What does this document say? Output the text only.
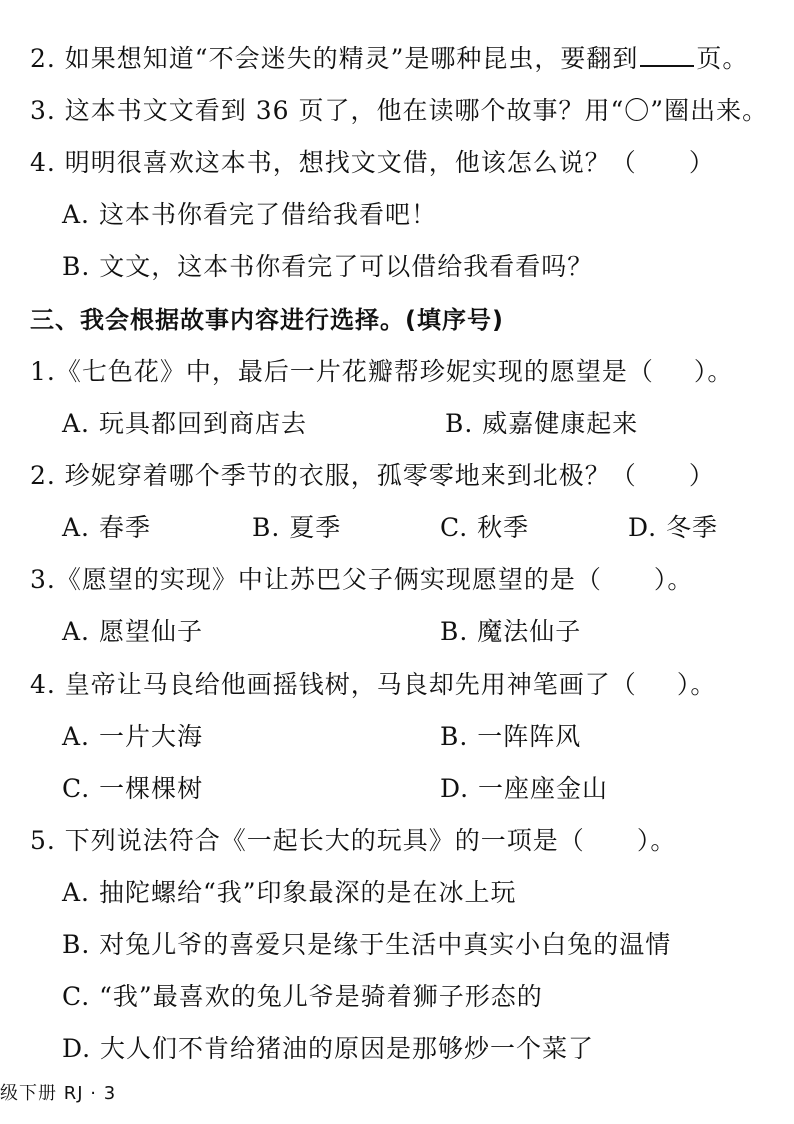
2. 如果想知道“不会迷失的精灵”是哪种昆虫，要翻到 页。
3. 这本书文文看到 36 页了，他在读哪个故事？用“〇”圈出来。
4. 明明很喜欢这本书，想找文文借，他该怎么说？（ ）
A. 这本书你看完了借给我看吧！
B. 文文，这本书你看完了可以借给我看看吗？
三、我会根据故事内容进行选择。(填序号)
1.《七色花》中，最后一片花瓣帮珍妮实现的愿望是（ ）。
A. 玩具都回到商店去	B. 威嘉健康起来
2. 珍妮穿着哪个季节的衣服，孤零零地来到北极？（ ）
A. 春季	B. 夏季	C. 秋季	D. 冬季
3.《愿望的实现》中让苏巴父子俩实现愿望的是（ ）。
A. 愿望仙子	B. 魔法仙子
4. 皇帝让马良给他画摇钱树，马良却先用神笔画了（ ）。
A. 一片大海	B. 一阵阵风
C. 一棵棵树	D. 一座座金山
5. 下列说法符合《一起长大的玩具》的一项是（ ）。
A. 抽陀螺给“我”印象最深的是在冰上玩
B. 对兔儿爷的喜爱只是缘于生活中真实小白兔的温情
C. “我”最喜欢的兔儿爷是骑着狮子形态的
D. 大人们不肯给猪油的原因是那够炒一个菜了
级下册 RJ · 3
